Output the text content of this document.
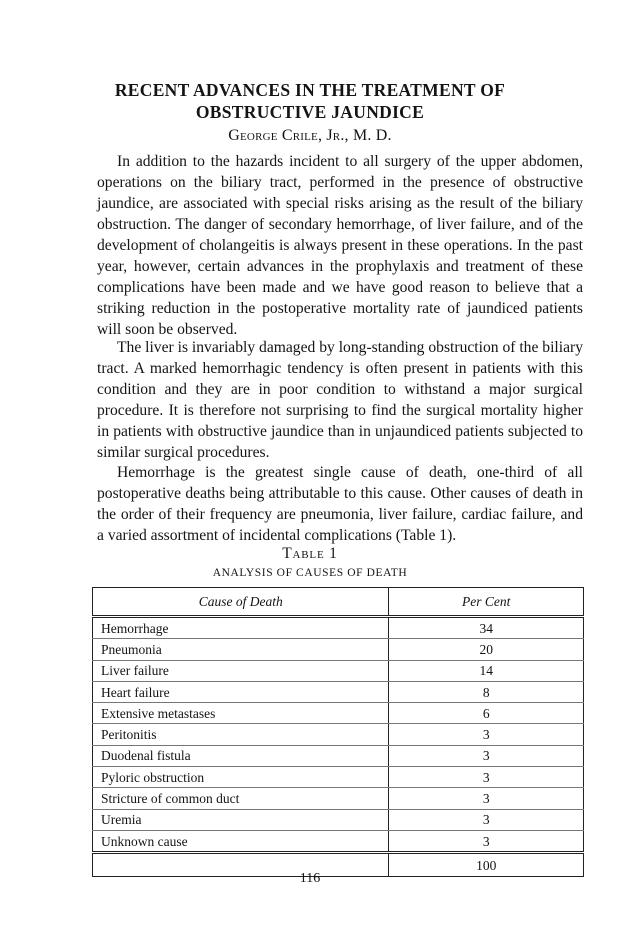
RECENT ADVANCES IN THE TREATMENT OF
OBSTRUCTIVE JAUNDICE
George Crile, Jr., M. D.

In addition to the hazards incident to all surgery of the upper abdomen, operations on the biliary tract, performed in the presence of obstructive jaundice, are associated with special risks arising as the result of the biliary obstruction. The danger of secondary hemorrhage, of liver failure, and of the development of cholangeitis is always present in these operations. In the past year, however, certain advances in the prophylaxis and treatment of these complications have been made and we have good reason to believe that a striking reduction in the postoperative mortality rate of jaundiced patients will soon be observed.

The liver is invariably damaged by long-standing obstruction of the biliary tract. A marked hemorrhagic tendency is often present in patients with this condition and they are in poor condition to withstand a major surgical procedure. It is therefore not surprising to find the surgical mortality higher in patients with obstructive jaundice than in unjaundiced patients subjected to similar surgical procedures.

Hemorrhage is the greatest single cause of death, one-third of all postoperative deaths being attributable to this cause. Other causes of death in the order of their frequency are pneumonia, liver failure, cardiac failure, and a varied assortment of incidental complications (Table 1).

Table 1
ANALYSIS OF CAUSES OF DEATH
Cause of Death	Per Cent
Hemorrhage	34
Pneumonia	20
Liver failure	14
Heart failure	8
Extensive metastases	6
Peritonitis	3
Duodenal fistula	3
Pyloric obstruction	3
Stricture of common duct	3
Uremia	3
Unknown cause	3
	100
116
